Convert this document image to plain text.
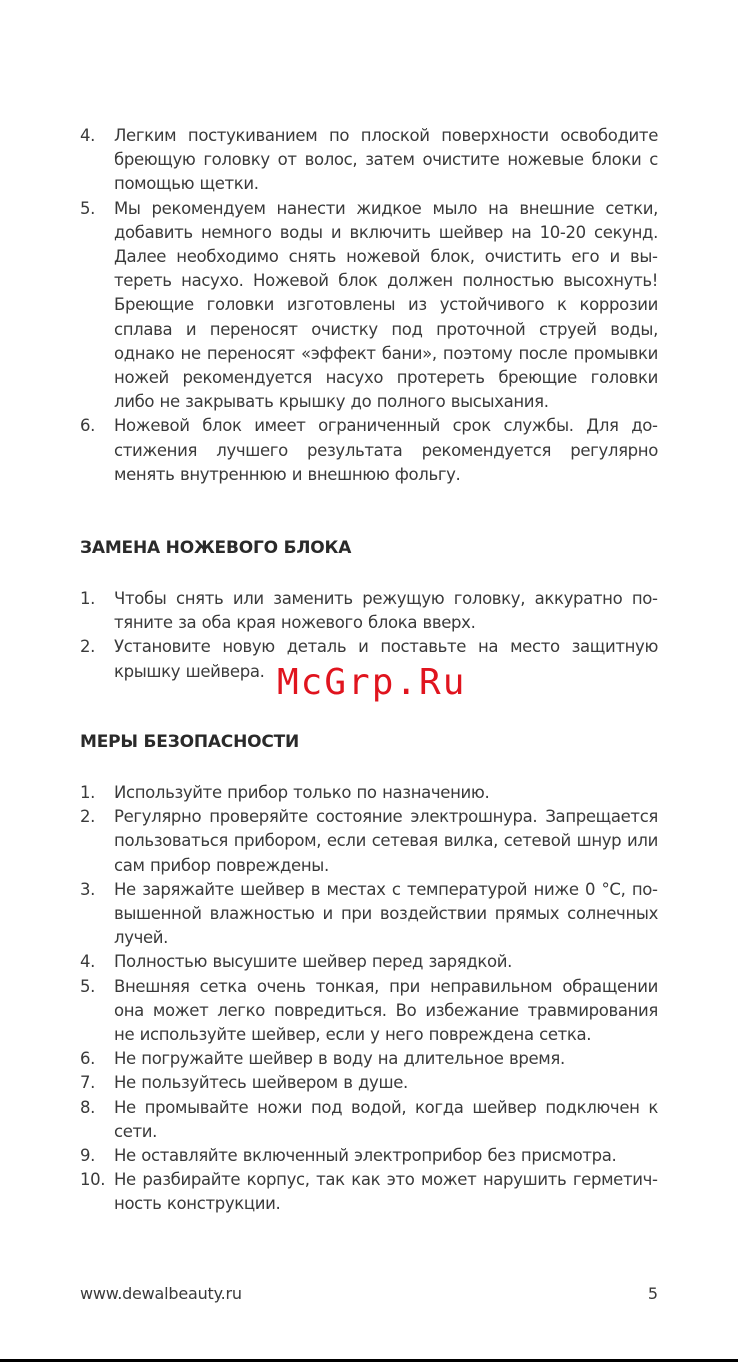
4.	Легким постукиванием по плоской поверхности освободите бреющую головку от волос, затем очистите ножевые блоки с помощью щетки.
5.	Мы рекомендуем нанести жидкое мыло на внешние сетки, добавить немного воды и включить шейвер на 10-20 секунд. Далее необходимо снять ножевой блок, очистить его и вытереть насухо. Ножевой блок должен полностью высохнуть! Бреющие головки изготовлены из устойчивого к коррозии сплава и переносят очистку под проточной струей воды, однако не переносят «эффект бани», поэтому после промывки ножей рекомендуется насухо протереть бреющие головки либо не закрывать крышку до полного высыхания.
6.	Ножевой блок имеет ограниченный срок службы. Для достижения лучшего результата рекомендуется регулярно менять внутреннюю и внешнюю фольгу.
ЗАМЕНА НОЖЕВОГО БЛОКА
1.	Чтобы снять или заменить режущую головку, аккуратно потяните за оба края ножевого блока вверх.
2.	Установите новую деталь и поставьте на место защитную крышку шейвера.
МЕРЫ БЕЗОПАСНОСТИ
1.	Используйте прибор только по назначению.
2.	Регулярно проверяйте состояние электрошнура. Запрещается пользоваться прибором, если сетевая вилка, сетевой шнур или сам прибор повреждены.
3.	Не заряжайте шейвер в местах с температурой ниже 0 °С, повышенной влажностью и при воздействии прямых солнечных лучей.
4.	Полностью высушите шейвер перед зарядкой.
5.	Внешняя сетка очень тонкая, при неправильном обращении она может легко повредиться. Во избежание травмирования не используйте шейвер, если у него повреждена сетка.
6.	Не погружайте шейвер в воду на длительное время.
7.	Не пользуйтесь шейвером в душе.
8.	Не промывайте ножи под водой, когда шейвер подключен к сети.
9.	Не оставляйте включенный электроприбор без присмотра.
10. Не разбирайте корпус, так как это может нарушить герметичность конструкции.
McGrp.Ru
www.dewalbeauty.ru	5
